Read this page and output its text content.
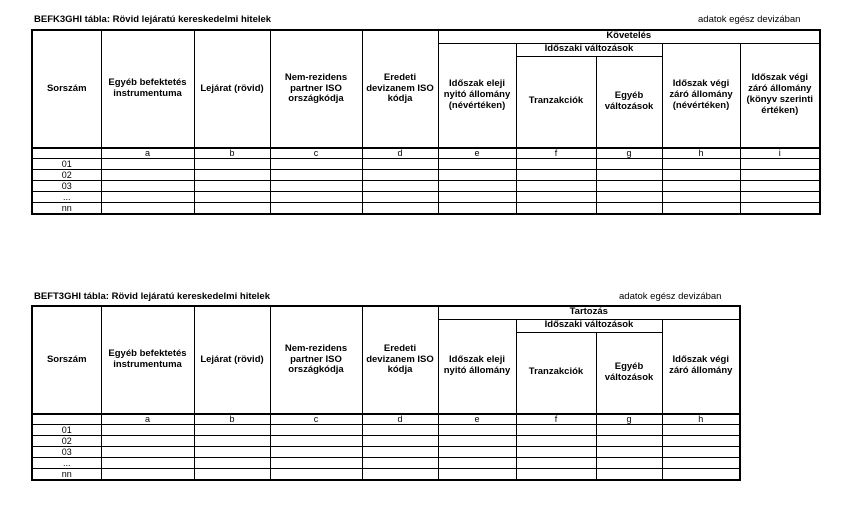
BEFK3GHI tábla: Rövid lejáratú kereskedelmi hitelek	adatok egész devizában
Sorszám	Egyéb befektetés instrumentuma	Lejárat (rövid)	Nem-rezidens partner ISO országkódja	Eredeti devizanem ISO kódja	Követelés				
					Időszak eleji nyitó állomány (névértéken)	Időszaki változások		Időszak végi záró állomány (névértéken)	Időszak végi záró állomány (könyv szerinti értéken)
						Tranzakciók	Egyéb változások		
	a	b	c	d	e	f	g	h	i
01									
02									
03									
...									
nn									
BEFT3GHI tábla: Rövid lejáratú kereskedelmi hitelek	adatok egész devizában
Sorszám	Egyéb befektetés instrumentuma	Lejárat (rövid)	Nem-rezidens partner ISO országkódja	Eredeti devizanem ISO kódja	Tartozás			
					Időszak eleji nyitó állomány	Időszaki változások		Időszak végi záró állomány
						Tranzakciók	Egyéb változások	
	a	b	c	d	e	f	g	h
01								
02								
03								
...								
nn								
